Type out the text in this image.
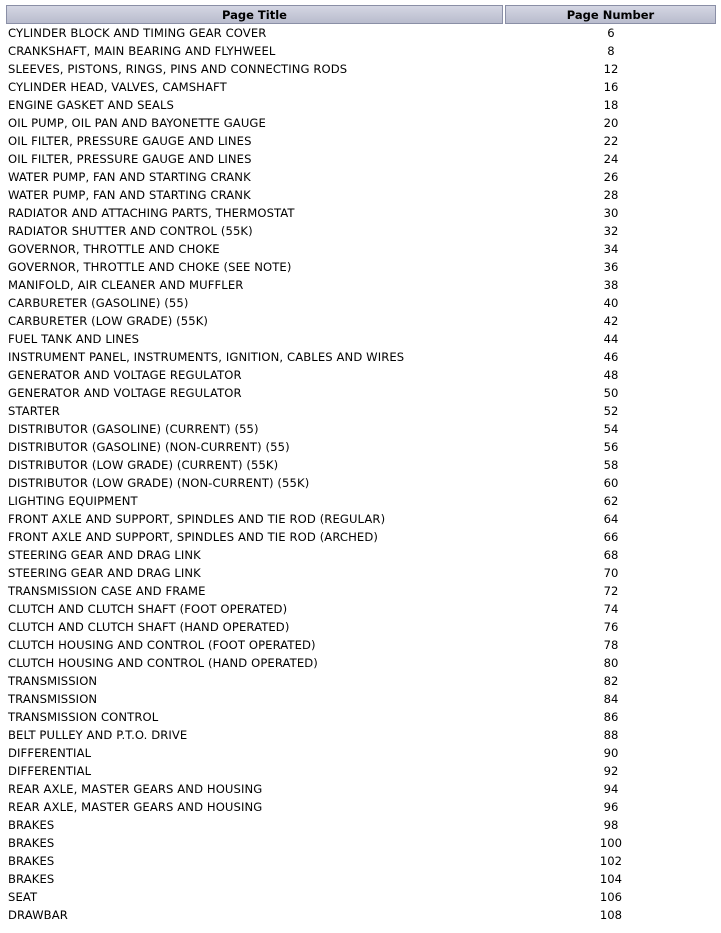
Page Title	Page Number
CYLINDER BLOCK AND TIMING GEAR COVER	6
CRANKSHAFT, MAIN BEARING AND FLYHWEEL	8
SLEEVES, PISTONS, RINGS, PINS AND CONNECTING RODS	12
CYLINDER HEAD, VALVES, CAMSHAFT	16
ENGINE GASKET AND SEALS	18
OIL PUMP, OIL PAN AND BAYONETTE GAUGE	20
OIL FILTER, PRESSURE GAUGE AND LINES	22
OIL FILTER, PRESSURE GAUGE AND LINES	24
WATER PUMP, FAN AND STARTING CRANK	26
WATER PUMP, FAN AND STARTING CRANK	28
RADIATOR AND ATTACHING PARTS, THERMOSTAT	30
RADIATOR SHUTTER AND CONTROL (55K)	32
GOVERNOR, THROTTLE AND CHOKE	34
GOVERNOR, THROTTLE AND CHOKE (SEE NOTE)	36
MANIFOLD, AIR CLEANER AND MUFFLER	38
CARBURETER (GASOLINE) (55)	40
CARBURETER (LOW GRADE) (55K)	42
FUEL TANK AND LINES	44
INSTRUMENT PANEL, INSTRUMENTS, IGNITION, CABLES AND WIRES	46
GENERATOR AND VOLTAGE REGULATOR	48
GENERATOR AND VOLTAGE REGULATOR	50
STARTER	52
DISTRIBUTOR (GASOLINE) (CURRENT) (55)	54
DISTRIBUTOR (GASOLINE) (NON-CURRENT) (55)	56
DISTRIBUTOR (LOW GRADE) (CURRENT) (55K)	58
DISTRIBUTOR (LOW GRADE) (NON-CURRENT) (55K)	60
LIGHTING EQUIPMENT	62
FRONT AXLE AND SUPPORT, SPINDLES AND TIE ROD (REGULAR)	64
FRONT AXLE AND SUPPORT, SPINDLES AND TIE ROD (ARCHED)	66
STEERING GEAR AND DRAG LINK	68
STEERING GEAR AND DRAG LINK	70
TRANSMISSION CASE AND FRAME	72
CLUTCH AND CLUTCH SHAFT (FOOT OPERATED)	74
CLUTCH AND CLUTCH SHAFT (HAND OPERATED)	76
CLUTCH HOUSING AND CONTROL (FOOT OPERATED)	78
CLUTCH HOUSING AND CONTROL (HAND OPERATED)	80
TRANSMISSION	82
TRANSMISSION	84
TRANSMISSION CONTROL	86
BELT PULLEY AND P.T.O. DRIVE	88
DIFFERENTIAL	90
DIFFERENTIAL	92
REAR AXLE, MASTER GEARS AND HOUSING	94
REAR AXLE, MASTER GEARS AND HOUSING	96
BRAKES	98
BRAKES	100
BRAKES	102
BRAKES	104
SEAT	106
DRAWBAR	108
